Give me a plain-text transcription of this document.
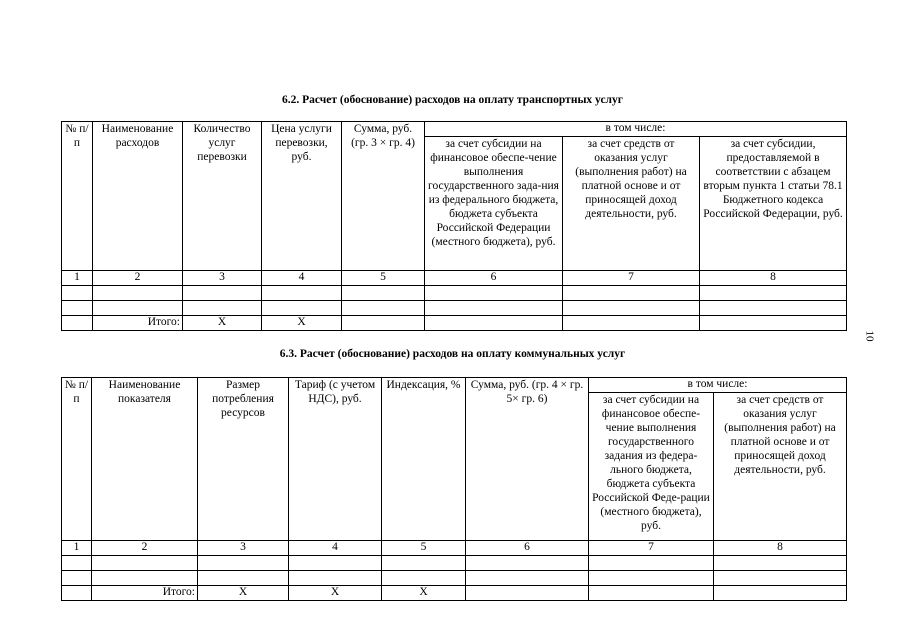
6.2. Расчет (обоснование) расходов на оплату транспортных услуг
№ п/п	Наименование расходов	Количество услуг перевозки	Цена услуги перевозки, руб.	Сумма, руб. (гр. 3 × гр. 4)	в том числе:		
					за счет субсидии на финансовое обеспе-чение выполнения государственного зада-ния из федерального бюджета, бюджета субъекта Российской Федерации (местного бюджета), руб.	за счет средств от оказания услуг (выполнения работ) на платной основе и от приносящей доход деятельности, руб.	за счет субсидии, предоставляемой в соответствии с абзацем вторым пункта 1 статьи 78.1 Бюджетного кодекса Российской Федерации, руб.
1	2	3	4	5	6	7	8

	Итого:	X	X				
6.3. Расчет (обоснование) расходов на оплату коммунальных услуг
№ п/п	Наименование показателя	Размер потребления ресурсов	Тариф (с учетом НДС), руб.	Индексация, %	Сумма, руб. (гр. 4 × гр. 5× гр. 6)	в том числе:	
						за счет субсидии на финансовое обеспе-чение выполнения государственного задания из федера-льного бюджета, бюджета субъекта Российской Феде-рации (местного бюджета), руб.	за счет средств от оказания услуг (выполнения работ) на платной основе и от приносящей доход деятельности, руб.
1	2	3	4	5	6	7	8

	Итого:	X	X	X			
10
